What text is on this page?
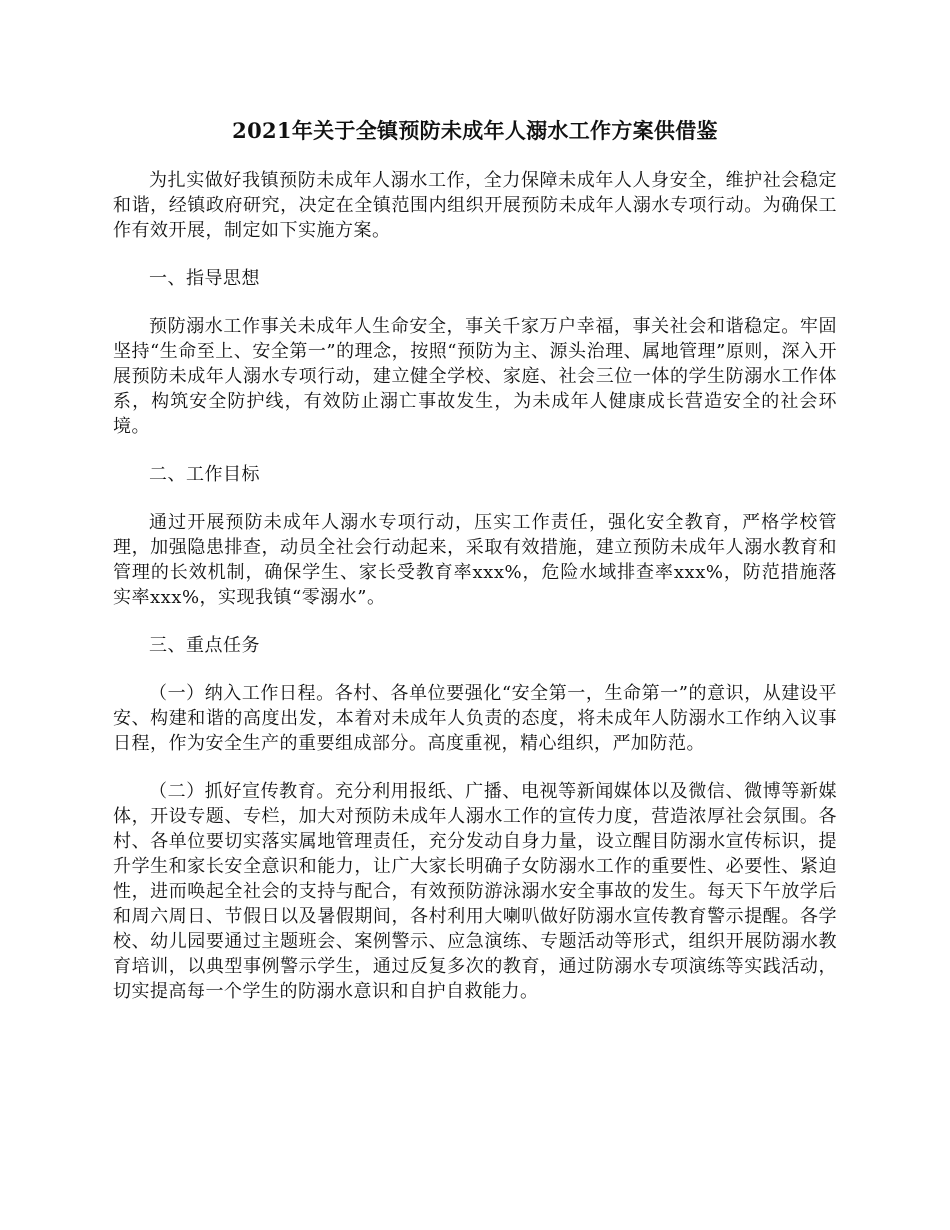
2021年关于全镇预防未成年人溺水工作方案供借鉴

为扎实做好我镇预防未成年人溺水工作，全力保障未成年人人身安全，维护社会稳定和谐，经镇政府研究，决定在全镇范围内组织开展预防未成年人溺水专项行动。为确保工作有效开展，制定如下实施方案。

一、指导思想

预防溺水工作事关未成年人生命安全，事关千家万户幸福，事关社会和谐稳定。牢固坚持“生命至上、安全第一”的理念，按照“预防为主、源头治理、属地管理”原则，深入开展预防未成年人溺水专项行动，建立健全学校、家庭、社会三位一体的学生防溺水工作体系，构筑安全防护线，有效防止溺亡事故发生，为未成年人健康成长营造安全的社会环境。

二、工作目标

通过开展预防未成年人溺水专项行动，压实工作责任，强化安全教育，严格学校管理，加强隐患排查，动员全社会行动起来，采取有效措施，建立预防未成年人溺水教育和管理的长效机制，确保学生、家长受教育率xxx%，危险水域排查率xxx%，防范措施落实率xxx%，实现我镇“零溺水”。

三、重点任务

（一）纳入工作日程。各村、各单位要强化“安全第一，生命第一”的意识，从建设平安、构建和谐的高度出发，本着对未成年人负责的态度，将未成年人防溺水工作纳入议事日程，作为安全生产的重要组成部分。高度重视，精心组织，严加防范。

（二）抓好宣传教育。充分利用报纸、广播、电视等新闻媒体以及微信、微博等新媒体，开设专题、专栏，加大对预防未成年人溺水工作的宣传力度，营造浓厚社会氛围。各村、各单位要切实落实属地管理责任，充分发动自身力量，设立醒目防溺水宣传标识，提升学生和家长安全意识和能力，让广大家长明确子女防溺水工作的重要性、必要性、紧迫性，进而唤起全社会的支持与配合，有效预防游泳溺水安全事故的发生。每天下午放学后和周六周日、节假日以及暑假期间，各村利用大喇叭做好防溺水宣传教育警示提醒。各学校、幼儿园要通过主题班会、案例警示、应急演练、专题活动等形式，组织开展防溺水教育培训，以典型事例警示学生，通过反复多次的教育，通过防溺水专项演练等实践活动，切实提高每一个学生的防溺水意识和自护自救能力。
